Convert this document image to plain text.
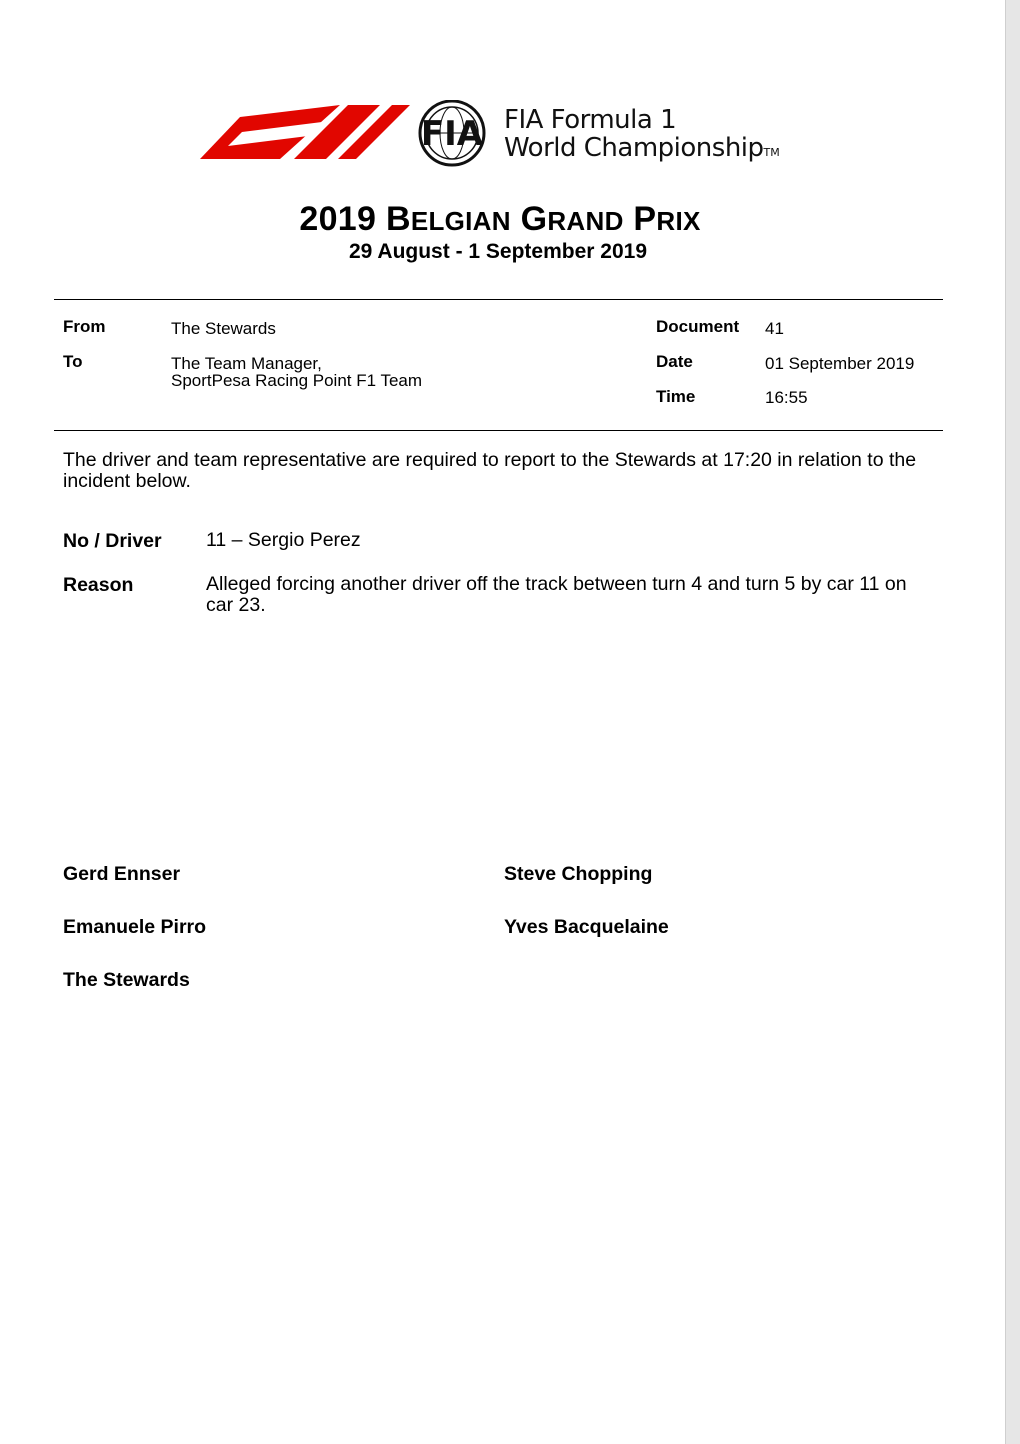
FIA FIA Formula 1
World ChampionshipTM
2019 BELGIAN GRAND PRIX
29 August - 1 September 2019
From	The Stewards
To	The Team Manager,
SportPesa Racing Point F1 Team
Document 41
Date	01 September 2019
Time	16:55
The driver and team representative are required to report to the Stewards at 17:20 in relation to the incident below.
No / Driver 11 – Sergio Perez
Reason	Alleged forcing another driver off the track between turn 4 and turn 5 by car 11 on car 23.
Gerd Ennser	Steve Chopping
Emanuele Pirro	Yves Bacquelaine
The Stewards
